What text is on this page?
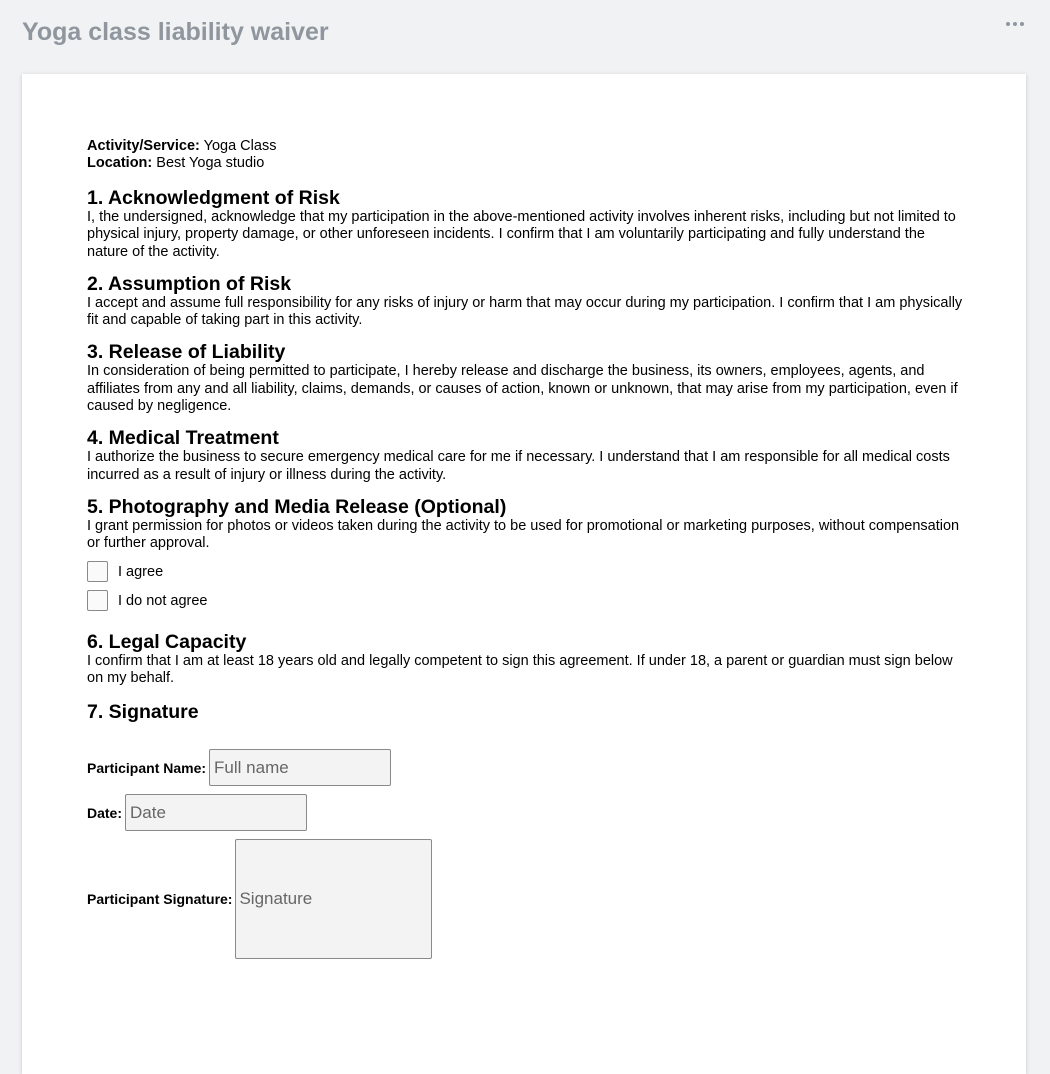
Yoga class liability waiver
Activity/Service: Yoga Class
Location: Best Yoga studio
1. Acknowledgment of Risk

I, the undersigned, acknowledge that my participation in the above-mentioned activity involves inherent risks, including but not limited to physical injury, property damage, or other unforeseen incidents. I confirm that I am voluntarily participating and fully understand the nature of the activity.

2. Assumption of Risk

I accept and assume full responsibility for any risks of injury or harm that may occur during my participation. I confirm that I am physically fit and capable of taking part in this activity.

3. Release of Liability

In consideration of being permitted to participate, I hereby release and discharge the business, its owners, employees, agents, and affiliates from any and all liability, claims, demands, or causes of action, known or unknown, that may arise from my participation, even if caused by negligence.

4. Medical Treatment

I authorize the business to secure emergency medical care for me if necessary. I understand that I am responsible for all medical costs incurred as a result of injury or illness during the activity.

5. Photography and Media Release (Optional)

I grant permission for photos or videos taken during the activity to be used for promotional or marketing purposes, without compensation or further approval.

I agree
I do not agree
6. Legal Capacity

I confirm that I am at least 18 years old and legally competent to sign this agreement. If under 18, a parent or guardian must sign below on my behalf.

7. Signature
Participant Name:
Full name
Date:
Date
Participant Signature: Signature
